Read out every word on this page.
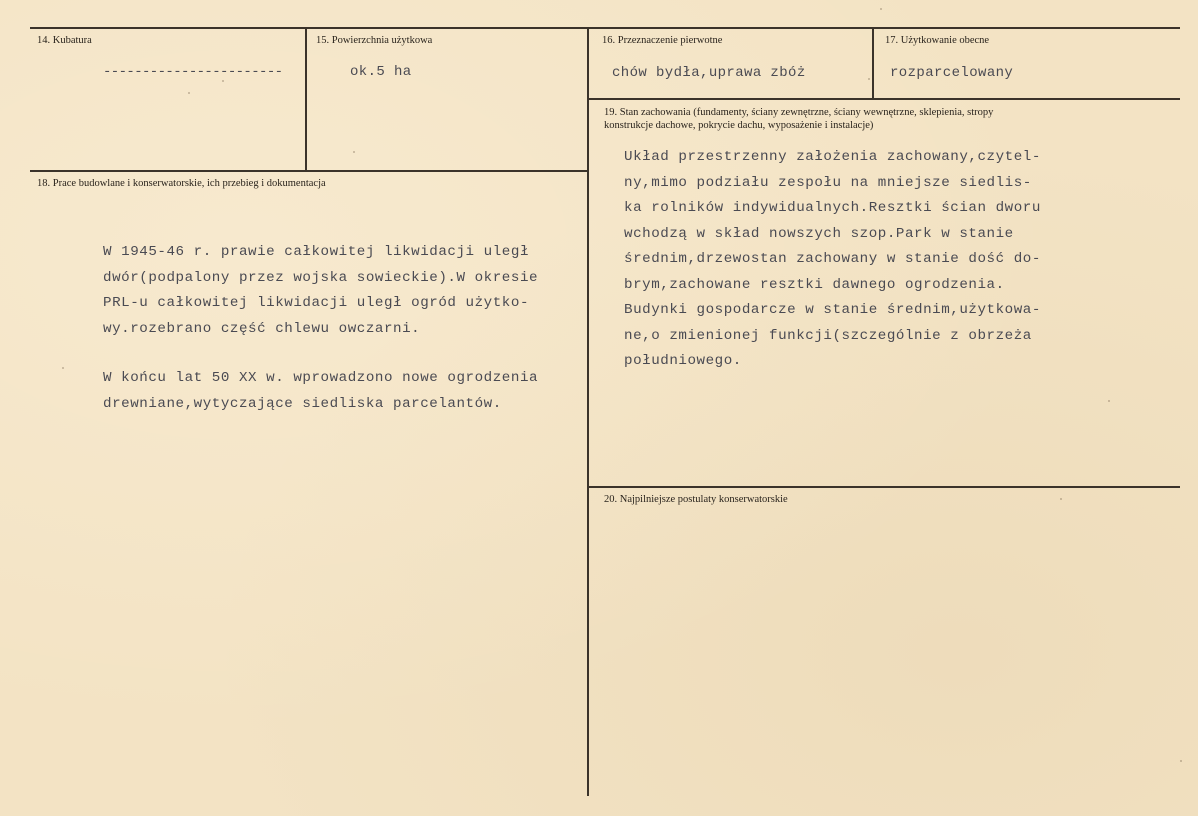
14. Kubatura
-----------------------
15. Powierzchnia użytkowa
ok.5 ha
16. Przeznaczenie pierwotne
chów bydła,uprawa zbóż
17. Użytkowanie obecne
rozparcelowany
19. Stan zachowania (fundamenty, ściany zewnętrzne, ściany wewnętrzne, sklepienia, stropy
konstrukcje dachowe, pokrycie dachu, wyposażenie i instalacje)
Układ przestrzenny założenia zachowany,czytel-
ny,mimo podziału zespołu na mniejsze siedlis-
ka rolników indywidualnych.Resztki ścian dworu
wchodzą w skład nowszych szop.Park w stanie
średnim,drzewostan zachowany w stanie dość do-
brym,zachowane resztki dawnego ogrodzenia.
Budynki gospodarcze w stanie średnim,użytkowa-
ne,o zmienionej funkcji(szczególnie z obrzeża
południowego.
18. Prace budowlane i konserwatorskie, ich przebieg i dokumentacja
W 1945-46 r. prawie całkowitej likwidacji uległ
dwór(podpalony przez wojska sowieckie).W okresie
PRL-u całkowitej likwidacji uległ ogród użytko-
wy.rozebrano część chlewu owczarni.
W końcu lat 50 XX w. wprowadzono nowe ogrodzenia
drewniane,wytyczające siedliska parcelantów.
20. Najpilniejsze postulaty konserwatorskie
